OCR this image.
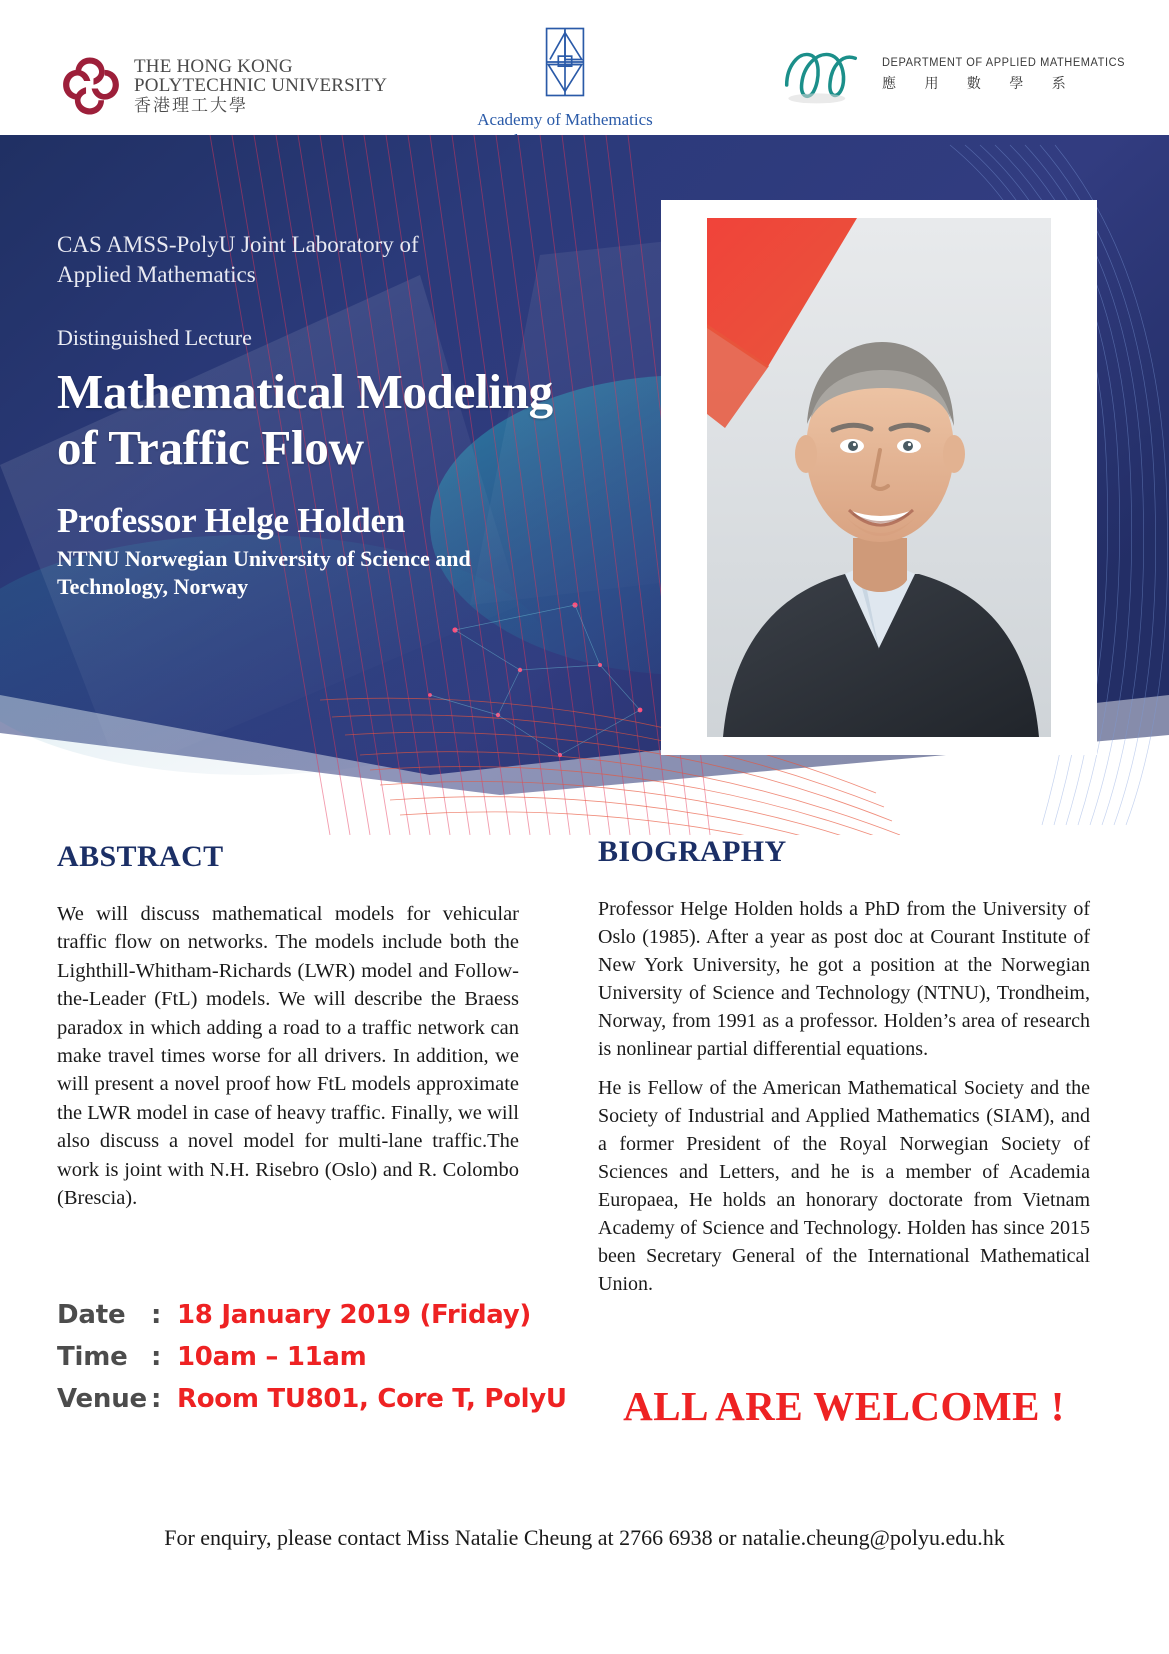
THE HONG KONG
POLYTECHNIC UNIVERSITY
香港理工大學
Academy of Mathematics
DEPARTMENT OF APPLIED MATHEMATICS
應 用 數 學 系
CAS AMSS-PolyU Joint Laboratory of
Applied Mathematics
Distinguished Lecture
Mathematical Modeling
of Traffic Flow
Professor Helge Holden
NTNU Norwegian University of Science and
Technology, Norway
ABSTRACT

We will discuss mathematical models for vehicular traffic flow on networks. The models include both the Lighthill-Whitham-Richards (LWR) model and Follow-the-Leader (FtL) models. We will describe the Braess paradox in which adding a road to a traffic network can make travel times worse for all drivers. In addition, we will present a novel proof how FtL models approximate the LWR model in case of heavy traffic. Finally, we will also discuss a novel model for multi-lane traffic.The work is joint with N.H. Risebro (Oslo) and R. Colombo (Brescia).

BIOGRAPHY

Professor Helge Holden holds a PhD from the University of Oslo (1985). After a year as post doc at Courant Institute of New York University, he got a position at the Norwegian University of Science and Technology (NTNU), Trondheim, Norway, from 1991 as a professor. Holden’s area of research is nonlinear partial differential equations.

He is Fellow of the American Mathematical Society and the Society of Industrial and Applied Mathematics (SIAM), and a former President of the Royal Norwegian Society of Sciences and Letters, and he is a member of Academia Europaea, He holds an honorary doctorate from Vietnam Academy of Science and Technology. Holden has since 2015 been Secretary General of the International Mathematical Union.

Date : 18 January 2019 (Friday)
Time : 10am – 11am
Venue : Room TU801, Core T, PolyU	ALL ARE WELCOME !
For enquiry, please contact Miss Natalie Cheung at 2766 6938 or natalie.cheung@polyu.edu.hk
